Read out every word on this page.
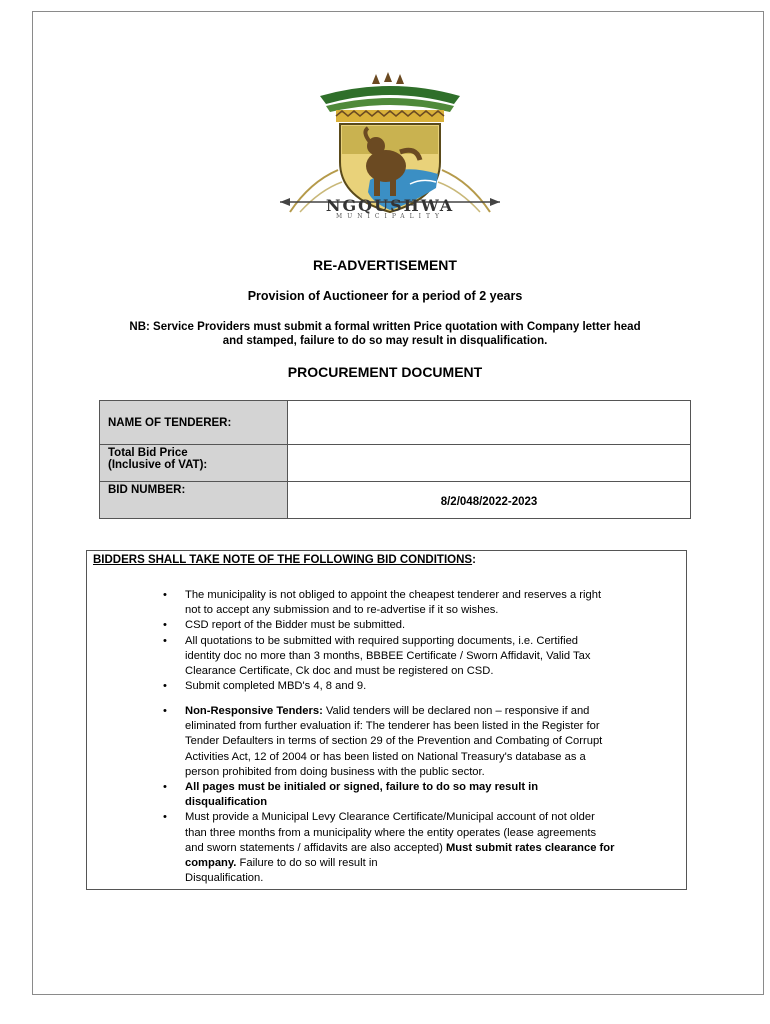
NGQUSHWA
MUNICIPALITY
RE-ADVERTISEMENT
Provision of Auctioneer for a period of 2 years
NB: Service Providers must submit a formal written Price quotation with Company letter head
and stamped, failure to do so may result in disqualification.
PROCUREMENT DOCUMENT
NAME OF TENDERER:	

Total Bid Price
(Inclusive of VAT):	

BID NUMBER:	8/2/048/2022-2023
BIDDERS SHALL TAKE NOTE OF THE FOLLOWING BID CONDITIONS:
• The municipality is not obliged to appoint the cheapest tenderer and reserves a right
not to accept any submission and to re-advertise if it so wishes.
• CSD report of the Bidder must be submitted.
• All quotations to be submitted with required supporting documents, i.e. Certified
identity doc no more than 3 months, BBBEE Certificate / Sworn Affidavit, Valid Tax
Clearance Certificate, Ck doc and must be registered on CSD.
• Submit completed MBD's 4, 8 and 9.
• Non-Responsive Tenders: Valid tenders will be declared non – responsive if and
eliminated from further evaluation if: The tenderer has been listed in the Register for
Tender Defaulters in terms of section 29 of the Prevention and Combating of Corrupt
Activities Act, 12 of 2004 or has been listed on National Treasury's database as a
person prohibited from doing business with the public sector.
• All pages must be initialed or signed, failure to do so may result in
disqualification
• Must provide a Municipal Levy Clearance Certificate/Municipal account of not older
than three months from a municipality where the entity operates (lease agreements
and sworn statements / affidavits are also accepted) Must submit rates clearance for
company. Failure to do so will result in
Disqualification.
